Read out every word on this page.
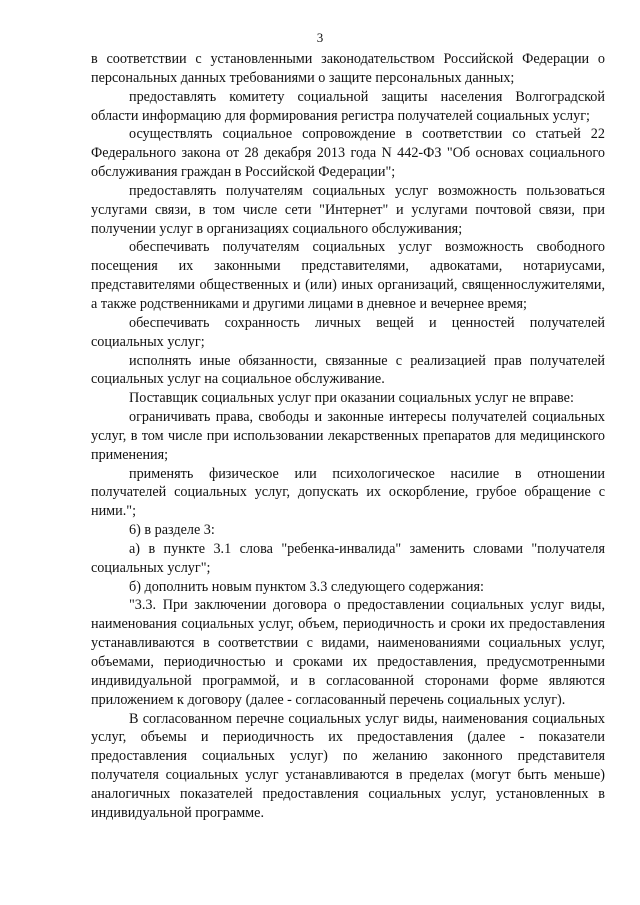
3

в соответствии с установленными законодательством Российской Федерации о персональных данных требованиями о защите персональных данных;

предоставлять комитету социальной защиты населения Волгоградской области информацию для формирования регистра получателей социальных услуг;

осуществлять социальное сопровождение в соответствии со статьей 22 Федерального закона от 28 декабря 2013 года N 442-ФЗ "Об основах социального обслуживания граждан в Российской Федерации";

предоставлять получателям социальных услуг возможность пользоваться услугами связи, в том числе сети "Интернет" и услугами почтовой связи, при получении услуг в организациях социального обслуживания;

обеспечивать получателям социальных услуг возможность свободного посещения их законными представителями, адвокатами, нотариусами, представителями общественных и (или) иных организаций, священнослужителями, а также родственниками и другими лицами в дневное и вечернее время;

обеспечивать сохранность личных вещей и ценностей получателей социальных услуг;

исполнять иные обязанности, связанные с реализацией прав получателей социальных услуг на социальное обслуживание.

Поставщик социальных услуг при оказании социальных услуг не вправе:

ограничивать права, свободы и законные интересы получателей социальных услуг, в том числе при использовании лекарственных препаратов для медицинского применения;

применять физическое или психологическое насилие в отношении получателей социальных услуг, допускать их оскорбление, грубое обращение с ними.";

6) в разделе 3:

а) в пункте 3.1 слова "ребенка-инвалида" заменить словами "получателя социальных услуг";

б) дополнить новым пунктом 3.3 следующего содержания:

"3.3. При заключении договора о предоставлении социальных услуг виды, наименования социальных услуг, объем, периодичность и сроки их предоставления устанавливаются в соответствии с видами, наименованиями социальных услуг, объемами, периодичностью и сроками их предоставления, предусмотренными индивидуальной программой, и в согласованной сторонами форме являются приложением к договору (далее - согласованный перечень социальных услуг).

В согласованном перечне социальных услуг виды, наименования социальных услуг, объемы и периодичность их предоставления (далее - показатели предоставления социальных услуг) по желанию законного представителя получателя социальных услуг устанавливаются в пределах (могут быть меньше) аналогичных показателей предоставления социальных услуг, установленных в индивидуальной программе.
